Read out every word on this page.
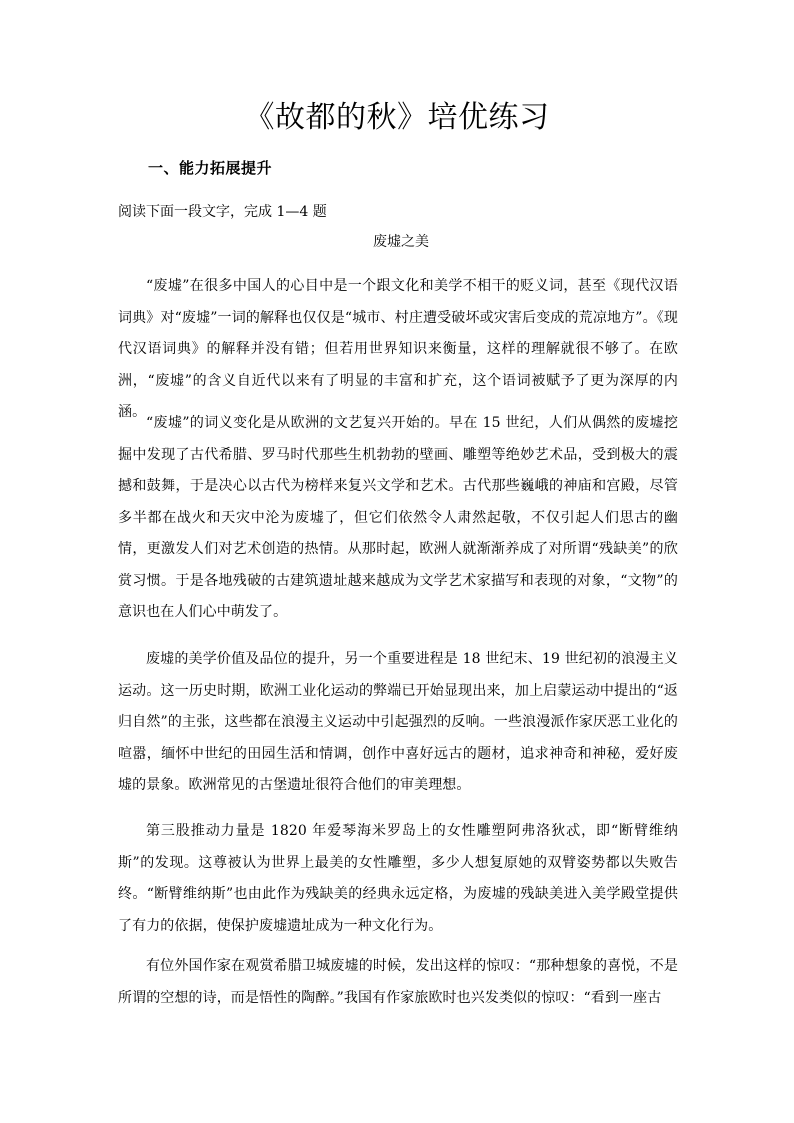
《故都的秋》培优练习
一、能力拓展提升

阅读下面一段文字，完成 1—4 题

废墟之美

“废墟”在很多中国人的心目中是一个跟文化和美学不相干的贬义词，甚至《现代汉语词典》对“废墟”一词的解释也仅仅是“城市、村庄遭受破坏或灾害后变成的荒凉地方”。《现代汉语词典》的解释并没有错；但若用世界知识来衡量，这样的理解就很不够了。在欧洲，“废墟”的含义自近代以来有了明显的丰富和扩充，这个语词被赋予了更为深厚的内涵。

“废墟”的词义变化是从欧洲的文艺复兴开始的。早在 15 世纪，人们从偶然的废墟挖掘中发现了古代希腊、罗马时代那些生机勃勃的壁画、雕塑等绝妙艺术品，受到极大的震撼和鼓舞，于是决心以古代为榜样来复兴文学和艺术。古代那些巍峨的神庙和宫殿，尽管多半都在战火和天灾中沦为废墟了，但它们依然令人肃然起敬，不仅引起人们思古的幽情，更激发人们对艺术创造的热情。从那时起，欧洲人就渐渐养成了对所谓“残缺美”的欣赏习惯。于是各地残破的古建筑遗址越来越成为文学艺术家描写和表现的对象，“文物”的意识也在人们心中萌发了。

废墟的美学价值及品位的提升，另一个重要进程是 18 世纪末、19 世纪初的浪漫主义运动。这一历史时期，欧洲工业化运动的弊端已开始显现出来，加上启蒙运动中提出的“返归自然”的主张，这些都在浪漫主义运动中引起强烈的反响。一些浪漫派作家厌恶工业化的喧嚣，缅怀中世纪的田园生活和情调，创作中喜好远古的题材，追求神奇和神秘，爱好废墟的景象。欧洲常见的古堡遗址很符合他们的审美理想。

第三股推动力量是 1820 年爱琴海米罗岛上的女性雕塑阿弗洛狄忒，即“断臂维纳斯”的发现。这尊被认为世界上最美的女性雕塑，多少人想复原她的双臂姿势都以失败告终。“断臂维纳斯”也由此作为残缺美的经典永远定格，为废墟的残缺美进入美学殿堂提供了有力的依据，使保护废墟遗址成为一种文化行为。

有位外国作家在观赏希腊卫城废墟的时候，发出这样的惊叹：“那种想象的喜悦，不是所谓的空想的诗，而是悟性的陶醉。”我国有作家旅欧时也兴发类似的惊叹：“看到一座古
